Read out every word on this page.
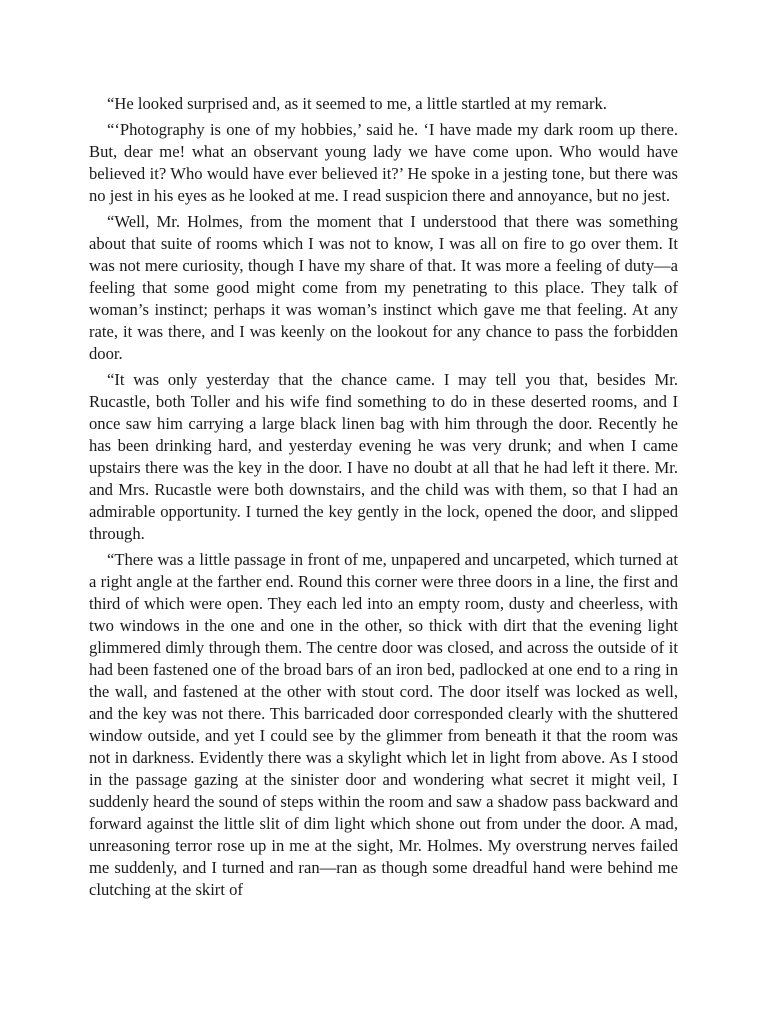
“He looked surprised and, as it seemed to me, a little startled at my remark.

“‘Photography is one of my hobbies,’ said he. ‘I have made my dark room up there. But, dear me! what an observant young lady we have come upon. Who would have believed it? Who would have ever believed it?’ He spoke in a jesting tone, but there was no jest in his eyes as he looked at me. I read suspicion there and annoyance, but no jest.

“Well, Mr. Holmes, from the moment that I understood that there was something about that suite of rooms which I was not to know, I was all on fire to go over them. It was not mere curiosity, though I have my share of that. It was more a feeling of duty—a feeling that some good might come from my penetrating to this place. They talk of woman’s instinct; perhaps it was woman’s instinct which gave me that feeling. At any rate, it was there, and I was keenly on the lookout for any chance to pass the forbidden door.

“It was only yesterday that the chance came. I may tell you that, besides Mr. Rucastle, both Toller and his wife find something to do in these deserted rooms, and I once saw him carrying a large black linen bag with him through the door. Recently he has been drinking hard, and yesterday evening he was very drunk; and when I came upstairs there was the key in the door. I have no doubt at all that he had left it there. Mr. and Mrs. Rucastle were both downstairs, and the child was with them, so that I had an admirable opportunity. I turned the key gently in the lock, opened the door, and slipped through.

“There was a little passage in front of me, unpapered and uncarpeted, which turned at a right angle at the farther end. Round this corner were three doors in a line, the first and third of which were open. They each led into an empty room, dusty and cheerless, with two windows in the one and one in the other, so thick with dirt that the evening light glimmered dimly through them. The centre door was closed, and across the outside of it had been fastened one of the broad bars of an iron bed, padlocked at one end to a ring in the wall, and fastened at the other with stout cord. The door itself was locked as well, and the key was not there. This barricaded door corresponded clearly with the shuttered window outside, and yet I could see by the glimmer from beneath it that the room was not in darkness. Evidently there was a skylight which let in light from above. As I stood in the passage gazing at the sinister door and wondering what secret it might veil, I suddenly heard the sound of steps within the room and saw a shadow pass backward and forward against the little slit of dim light which shone out from under the door. A mad, unreasoning terror rose up in me at the sight, Mr. Holmes. My overstrung nerves failed me suddenly, and I turned and ran—ran as though some dreadful hand were behind me clutching at the skirt of
